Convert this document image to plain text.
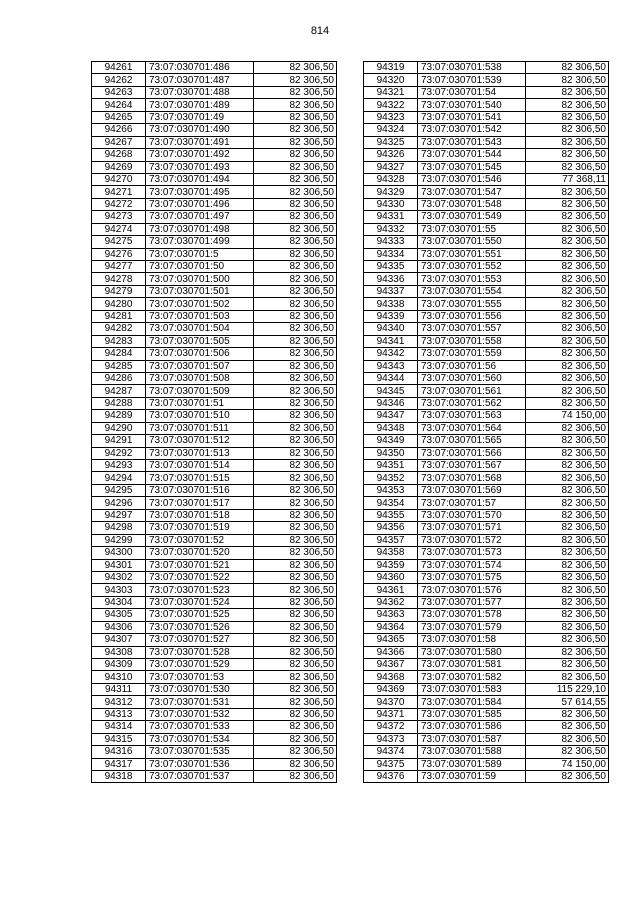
814
94261	73:07:030701:486	82 306,50
94262	73:07:030701:487	82 306,50
94263	73:07:030701:488	82 306,50
94264	73:07:030701:489	82 306,50
94265	73:07:030701:49	82 306,50
94266	73:07:030701:490	82 306,50
94267	73:07:030701:491	82 306,50
94268	73:07:030701:492	82 306,50
94269	73:07:030701:493	82 306,50
94270	73:07:030701:494	82 306,50
94271	73:07:030701:495	82 306,50
94272	73:07:030701:496	82 306,50
94273	73:07:030701:497	82 306,50
94274	73:07:030701:498	82 306,50
94275	73:07:030701:499	82 306,50
94276	73:07:030701:5	82 306,50
94277	73:07:030701:50	82 306,50
94278	73:07:030701:500	82 306,50
94279	73:07:030701:501	82 306,50
94280	73:07:030701:502	82 306,50
94281	73:07:030701:503	82 306,50
94282	73:07:030701:504	82 306,50
94283	73:07:030701:505	82 306,50
94284	73:07:030701:506	82 306,50
94285	73:07:030701:507	82 306,50
94286	73:07:030701:508	82 306,50
94287	73:07:030701:509	82 306,50
94288	73:07:030701:51	82 306,50
94289	73:07:030701:510	82 306,50
94290	73:07:030701:511	82 306,50
94291	73:07:030701:512	82 306,50
94292	73:07:030701:513	82 306,50
94293	73:07:030701:514	82 306,50
94294	73:07:030701:515	82 306,50
94295	73:07:030701:516	82 306,50
94296	73:07:030701:517	82 306,50
94297	73:07:030701:518	82 306,50
94298	73:07:030701:519	82 306,50
94299	73:07:030701:52	82 306,50
94300	73:07:030701:520	82 306,50
94301	73:07:030701:521	82 306,50
94302	73:07:030701:522	82 306,50
94303	73:07:030701:523	82 306,50
94304	73:07:030701:524	82 306,50
94305	73:07:030701:525	82 306,50
94306	73:07:030701:526	82 306,50
94307	73:07:030701:527	82 306,50
94308	73:07:030701:528	82 306,50
94309	73:07:030701:529	82 306,50
94310	73:07:030701:53	82 306,50
94311	73:07:030701:530	82 306,50
94312	73:07:030701:531	82 306,50
94313	73:07:030701:532	82 306,50
94314	73:07:030701:533	82 306,50
94315	73:07:030701:534	82 306,50
94316	73:07:030701:535	82 306,50
94317	73:07:030701:536	82 306,50
94318	73:07:030701:537	82 306,50
94319	73:07:030701:538	82 306,50
94320	73:07:030701:539	82 306,50
94321	73:07:030701:54	82 306,50
94322	73:07:030701:540	82 306,50
94323	73:07:030701:541	82 306,50
94324	73:07:030701:542	82 306,50
94325	73:07:030701:543	82 306,50
94326	73:07:030701:544	82 306,50
94327	73:07:030701:545	82 306,50
94328	73:07:030701:546	77 368,11
94329	73:07:030701:547	82 306,50
94330	73:07:030701:548	82 306,50
94331	73:07:030701:549	82 306,50
94332	73:07:030701:55	82 306,50
94333	73:07:030701:550	82 306,50
94334	73:07:030701:551	82 306,50
94335	73:07:030701:552	82 306,50
94336	73:07:030701:553	82 306,50
94337	73:07:030701:554	82 306,50
94338	73:07:030701:555	82 306,50
94339	73:07:030701:556	82 306,50
94340	73:07:030701:557	82 306,50
94341	73:07:030701:558	82 306,50
94342	73:07:030701:559	82 306,50
94343	73:07:030701:56	82 306,50
94344	73:07:030701:560	82 306,50
94345	73:07:030701:561	82 306,50
94346	73:07:030701:562	82 306,50
94347	73:07:030701:563	74 150,00
94348	73:07:030701:564	82 306,50
94349	73:07:030701:565	82 306,50
94350	73:07:030701:566	82 306,50
94351	73:07:030701:567	82 306,50
94352	73:07:030701:568	82 306,50
94353	73:07:030701:569	82 306,50
94354	73:07:030701:57	82 306,50
94355	73:07:030701:570	82 306,50
94356	73:07:030701:571	82 306,50
94357	73:07:030701:572	82 306,50
94358	73:07:030701:573	82 306,50
94359	73:07:030701:574	82 306,50
94360	73:07:030701:575	82 306,50
94361	73:07:030701:576	82 306,50
94362	73:07:030701:577	82 306,50
94363	73:07:030701:578	82 306,50
94364	73:07:030701:579	82 306,50
94365	73:07:030701:58	82 306,50
94366	73:07:030701:580	82 306,50
94367	73:07:030701:581	82 306,50
94368	73:07:030701:582	82 306,50
94369	73:07:030701:583	115 229,10
94370	73:07:030701:584	57 614,55
94371	73:07:030701:585	82 306,50
94372	73:07:030701:586	82 306,50
94373	73:07:030701:587	82 306,50
94374	73:07:030701:588	82 306,50
94375	73:07:030701:589	74 150,00
94376	73:07:030701:59	82 306,50
